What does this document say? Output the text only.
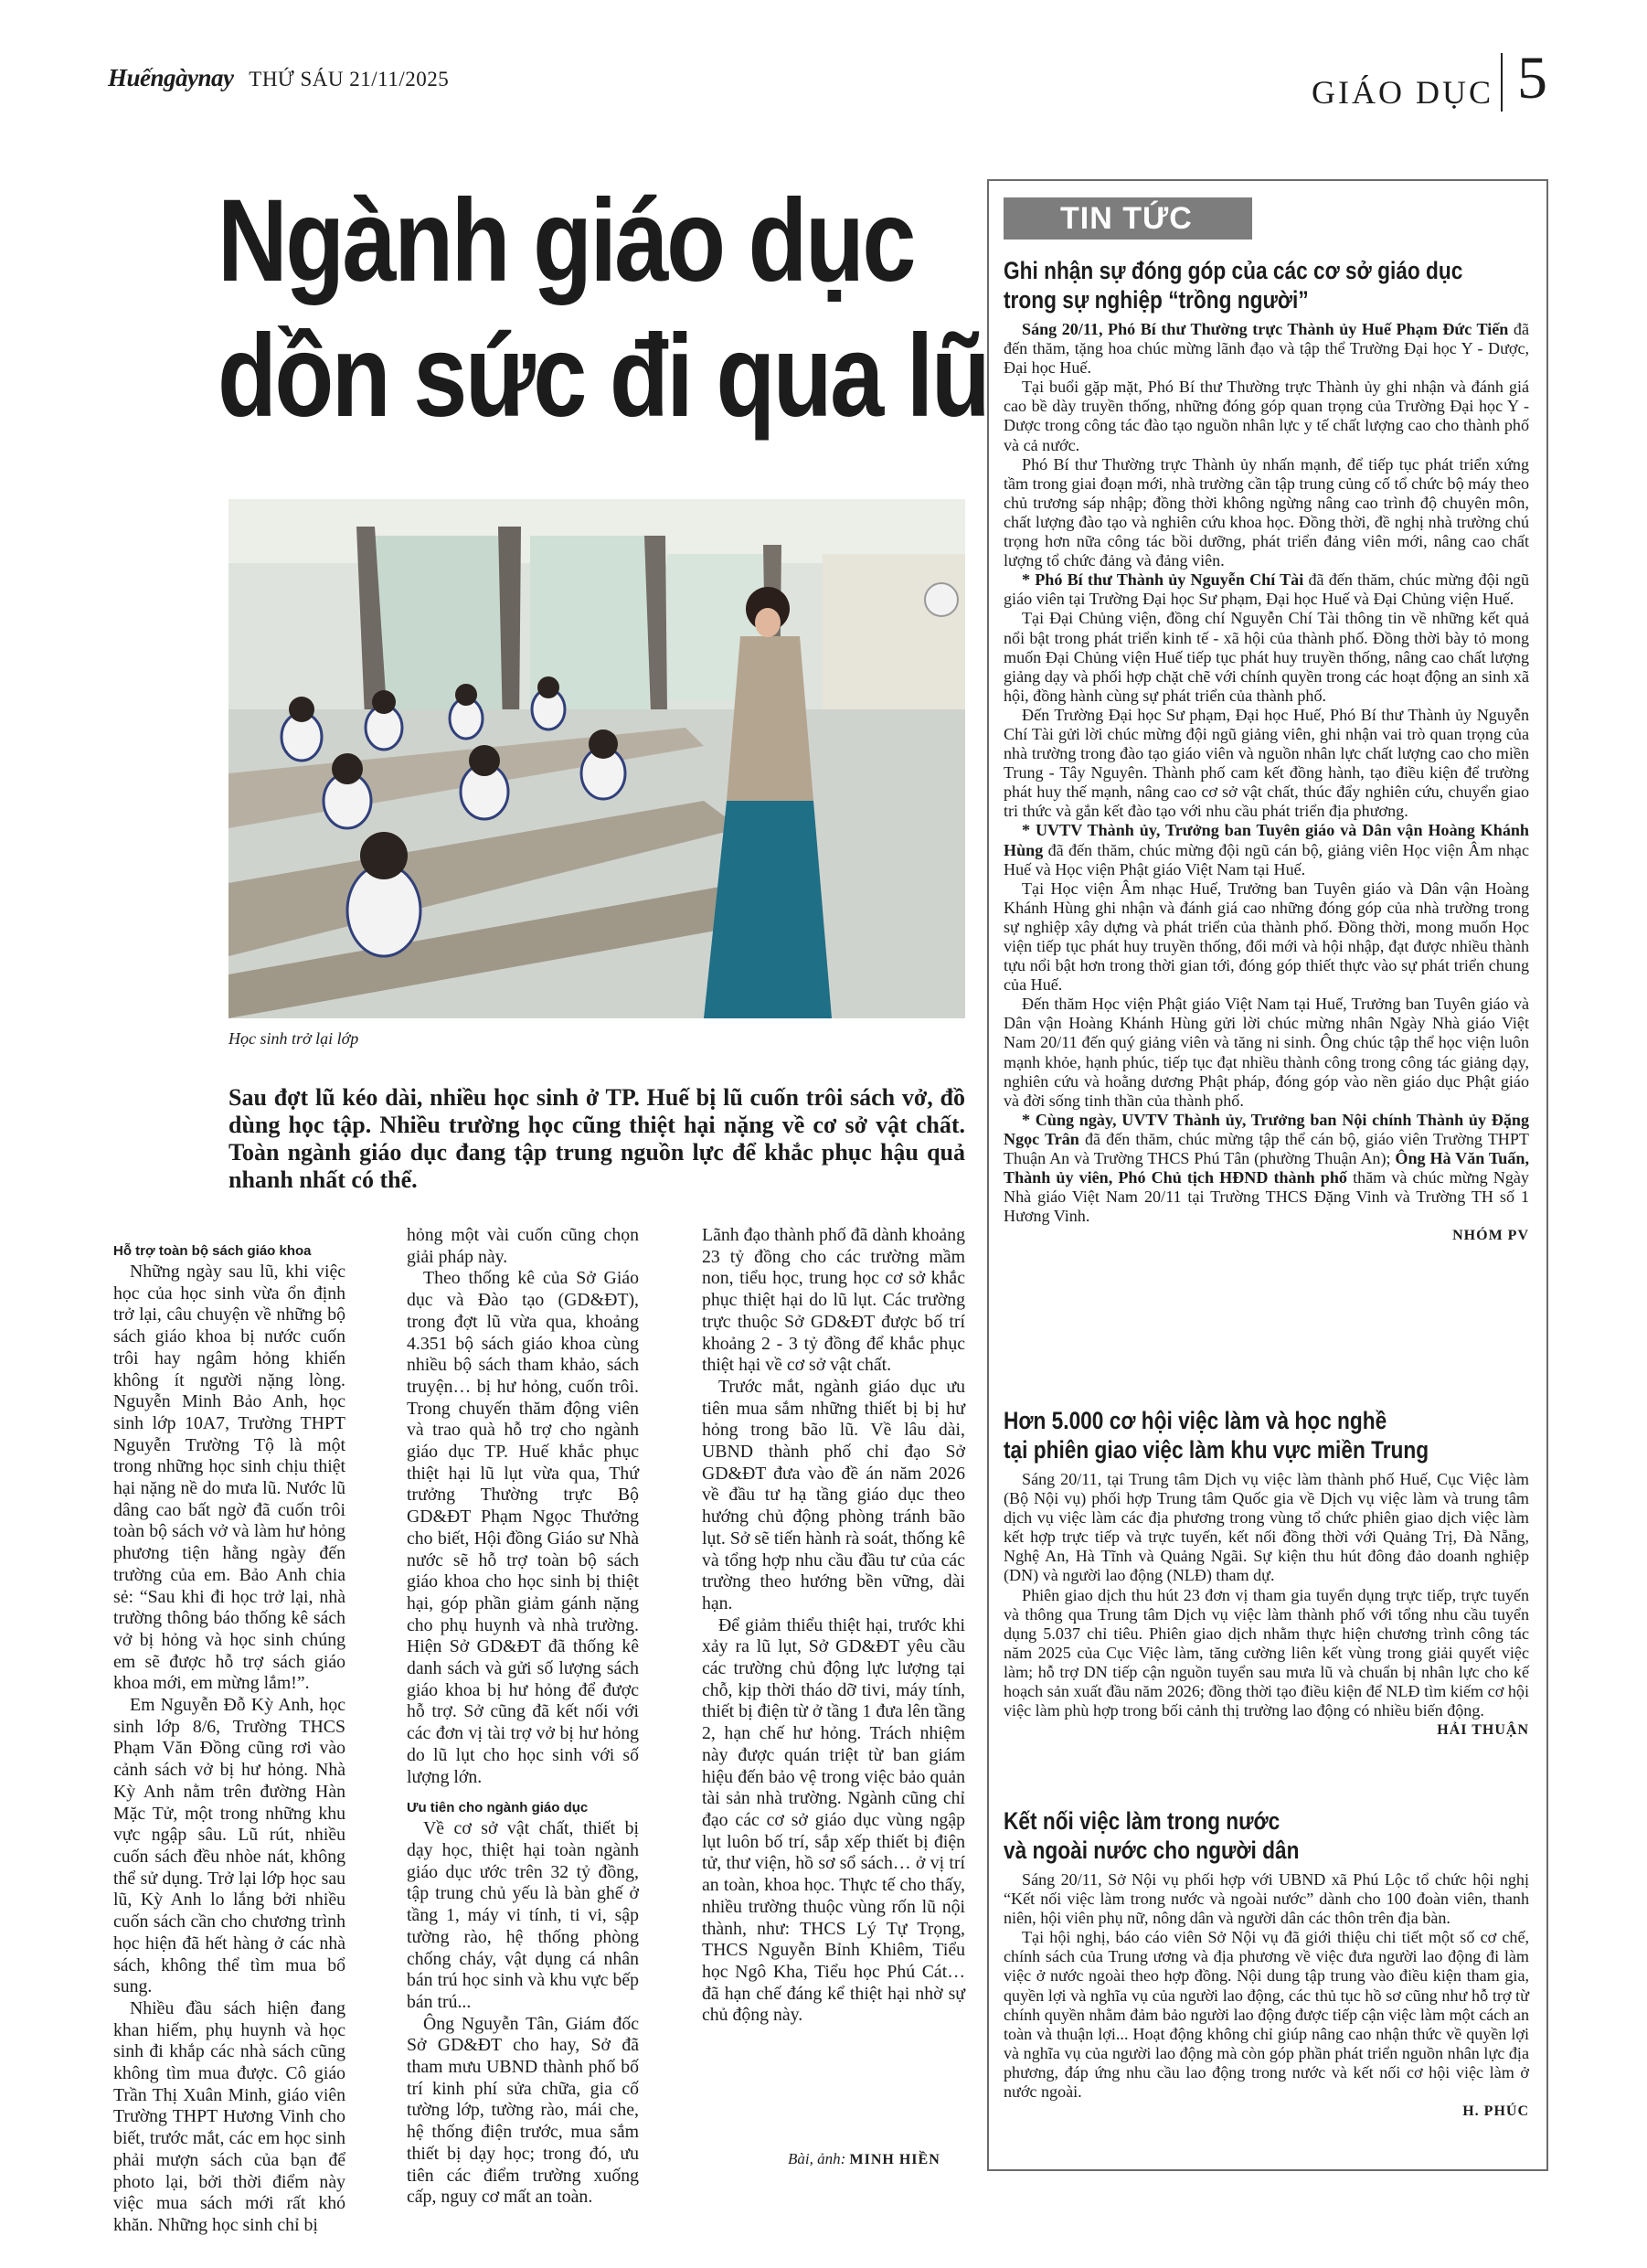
Huếngàynay THỨ SÁU 21/11/2025	GIÁO DỤC 5
Ngành giáo dục
dồn sức đi qua lũ
Học sinh trở lại lớp

Sau đợt lũ kéo dài, nhiều học sinh ở TP. Huế bị lũ cuốn trôi sách vở, đồ dùng học tập. Nhiều trường học cũng thiệt hại nặng về cơ sở vật chất. Toàn ngành giáo dục đang tập trung nguồn lực để khắc phục hậu quả nhanh nhất có thể.

Hỗ trợ toàn bộ sách giáo khoa

Những ngày sau lũ, khi việc học của học sinh vừa ổn định trở lại, câu chuyện về những bộ sách giáo khoa bị nước cuốn trôi hay ngâm hỏng khiến không ít người nặng lòng. Nguyễn Minh Bảo Anh, học sinh lớp 10A7, Trường THPT Nguyễn Trường Tộ là một trong những học sinh chịu thiệt hại nặng nề do mưa lũ. Nước lũ dâng cao bất ngờ đã cuốn trôi toàn bộ sách vở và làm hư hỏng phương tiện hằng ngày đến trường của em. Bảo Anh chia sẻ: “Sau khi đi học trở lại, nhà trường thông báo thống kê sách vở bị hỏng và học sinh chúng em sẽ được hỗ trợ sách giáo khoa mới, em mừng lắm!”.

Em Nguyễn Đỗ Kỳ Anh, học sinh lớp 8/6, Trường THCS Phạm Văn Đồng cũng rơi vào cảnh sách vở bị hư hỏng. Nhà Kỳ Anh nằm trên đường Hàn Mặc Tử, một trong những khu vực ngập sâu. Lũ rút, nhiều cuốn sách đều nhòe nát, không thể sử dụng. Trở lại lớp học sau lũ, Kỳ Anh lo lắng bởi nhiều cuốn sách cần cho chương trình học hiện đã hết hàng ở các nhà sách, không thể tìm mua bổ sung.

Nhiều đầu sách hiện đang khan hiếm, phụ huynh và học sinh đi khắp các nhà sách cũng không tìm mua được. Cô giáo Trần Thị Xuân Minh, giáo viên Trường THPT Hương Vinh cho biết, trước mắt, các em học sinh phải mượn sách của bạn để photo lại, bởi thời điểm này việc mua sách mới rất khó khăn. Những học sinh chỉ bị

hỏng một vài cuốn cũng chọn giải pháp này.

Theo thống kê của Sở Giáo dục và Đào tạo (GD&ĐT), trong đợt lũ vừa qua, khoảng 4.351 bộ sách giáo khoa cùng nhiều bộ sách tham khảo, sách truyện… bị hư hỏng, cuốn trôi. Trong chuyến thăm động viên và trao quà hỗ trợ cho ngành giáo dục TP. Huế khắc phục thiệt hại lũ lụt vừa qua, Thứ trưởng Thường trực Bộ GD&ĐT Phạm Ngọc Thưởng cho biết, Hội đồng Giáo sư Nhà nước sẽ hỗ trợ toàn bộ sách giáo khoa cho học sinh bị thiệt hại, góp phần giảm gánh nặng cho phụ huynh và nhà trường. Hiện Sở GD&ĐT đã thống kê danh sách và gửi số lượng sách giáo khoa bị hư hỏng để được hỗ trợ. Sở cũng đã kết nối với các đơn vị tài trợ vở bị hư hỏng do lũ lụt cho học sinh với số lượng lớn.

Ưu tiên cho ngành giáo dục

Về cơ sở vật chất, thiết bị dạy học, thiệt hại toàn ngành giáo dục ước trên 32 tỷ đồng, tập trung chủ yếu là bàn ghế ở tầng 1, máy vi tính, ti vi, sập tường rào, hệ thống phòng chống cháy, vật dụng cá nhân bán trú học sinh và khu vực bếp bán trú...

Ông Nguyễn Tân, Giám đốc Sở GD&ĐT cho hay, Sở đã tham mưu UBND thành phố bố trí kinh phí sửa chữa, gia cố tường lớp, tường rào, mái che, hệ thống điện trước, mua sắm thiết bị dạy học; trong đó, ưu tiên các điểm trường xuống cấp, nguy cơ mất an toàn.

Lãnh đạo thành phố đã dành khoảng 23 tỷ đồng cho các trường mầm non, tiểu học, trung học cơ sở khắc phục thiệt hại do lũ lụt. Các trường trực thuộc Sở GD&ĐT được bố trí khoảng 2 - 3 tỷ đồng để khắc phục thiệt hại về cơ sở vật chất.

Trước mắt, ngành giáo dục ưu tiên mua sắm những thiết bị bị hư hỏng trong bão lũ. Về lâu dài, UBND thành phố chỉ đạo Sở GD&ĐT đưa vào đề án năm 2026 về đầu tư hạ tầng giáo dục theo hướng chủ động phòng tránh bão lụt. Sở sẽ tiến hành rà soát, thống kê và tổng hợp nhu cầu đầu tư của các trường theo hướng bền vững, dài hạn.

Để giảm thiểu thiệt hại, trước khi xảy ra lũ lụt, Sở GD&ĐT yêu cầu các trường chủ động lực lượng tại chỗ, kịp thời tháo dỡ tivi, máy tính, thiết bị điện từ ở tầng 1 đưa lên tầng 2, hạn chế hư hỏng. Trách nhiệm này được quán triệt từ ban giám hiệu đến bảo vệ trong việc bảo quản tài sản nhà trường. Ngành cũng chỉ đạo các cơ sở giáo dục vùng ngập lụt luôn bố trí, sắp xếp thiết bị điện tử, thư viện, hồ sơ sổ sách… ở vị trí an toàn, khoa học. Thực tế cho thấy, nhiều trường thuộc vùng rốn lũ nội thành, như: THCS Lý Tự Trọng, THCS Nguyễn Bỉnh Khiêm, Tiểu học Ngô Kha, Tiểu học Phú Cát… đã hạn chế đáng kể thiệt hại nhờ sự chủ động này.

Bài, ảnh: MINH HIỀN
TIN TỨC
Ghi nhận sự đóng góp của các cơ sở giáo dục
trong sự nghiệp “trồng người”

Sáng 20/11, Phó Bí thư Thường trực Thành ủy Huế Phạm Đức Tiến đã đến thăm, tặng hoa chúc mừng lãnh đạo và tập thể Trường Đại học Y - Dược, Đại học Huế.

Tại buổi gặp mặt, Phó Bí thư Thường trực Thành ủy ghi nhận và đánh giá cao bề dày truyền thống, những đóng góp quan trọng của Trường Đại học Y - Dược trong công tác đào tạo nguồn nhân lực y tế chất lượng cao cho thành phố và cả nước.

Phó Bí thư Thường trực Thành ủy nhấn mạnh, để tiếp tục phát triển xứng tầm trong giai đoạn mới, nhà trường cần tập trung củng cố tổ chức bộ máy theo chủ trương sáp nhập; đồng thời không ngừng nâng cao trình độ chuyên môn, chất lượng đào tạo và nghiên cứu khoa học. Đồng thời, đề nghị nhà trường chú trọng hơn nữa công tác bồi dưỡng, phát triển đảng viên mới, nâng cao chất lượng tổ chức đảng và đảng viên.

* Phó Bí thư Thành ủy Nguyễn Chí Tài đã đến thăm, chúc mừng đội ngũ giáo viên tại Trường Đại học Sư phạm, Đại học Huế và Đại Chủng viện Huế.

Tại Đại Chủng viện, đồng chí Nguyễn Chí Tài thông tin về những kết quả nổi bật trong phát triển kinh tế - xã hội của thành phố. Đồng thời bày tỏ mong muốn Đại Chủng viện Huế tiếp tục phát huy truyền thống, nâng cao chất lượng giảng dạy và phối hợp chặt chẽ với chính quyền trong các hoạt động an sinh xã hội, đồng hành cùng sự phát triển của thành phố.

Đến Trường Đại học Sư phạm, Đại học Huế, Phó Bí thư Thành ủy Nguyễn Chí Tài gửi lời chúc mừng đội ngũ giảng viên, ghi nhận vai trò quan trọng của nhà trường trong đào tạo giáo viên và nguồn nhân lực chất lượng cao cho miền Trung - Tây Nguyên. Thành phố cam kết đồng hành, tạo điều kiện để trường phát huy thế mạnh, nâng cao cơ sở vật chất, thúc đẩy nghiên cứu, chuyển giao tri thức và gắn kết đào tạo với nhu cầu phát triển địa phương.

* UVTV Thành ủy, Trưởng ban Tuyên giáo và Dân vận Hoàng Khánh Hùng đã đến thăm, chúc mừng đội ngũ cán bộ, giảng viên Học viện Âm nhạc Huế và Học viện Phật giáo Việt Nam tại Huế.

Tại Học viện Âm nhạc Huế, Trưởng ban Tuyên giáo và Dân vận Hoàng Khánh Hùng ghi nhận và đánh giá cao những đóng góp của nhà trường trong sự nghiệp xây dựng và phát triển của thành phố. Đồng thời, mong muốn Học viện tiếp tục phát huy truyền thống, đổi mới và hội nhập, đạt được nhiều thành tựu nổi bật hơn trong thời gian tới, đóng góp thiết thực vào sự phát triển chung của Huế.

Đến thăm Học viện Phật giáo Việt Nam tại Huế, Trưởng ban Tuyên giáo và Dân vận Hoàng Khánh Hùng gửi lời chúc mừng nhân Ngày Nhà giáo Việt Nam 20/11 đến quý giảng viên và tăng ni sinh. Ông chúc tập thể học viện luôn mạnh khỏe, hạnh phúc, tiếp tục đạt nhiều thành công trong công tác giảng dạy, nghiên cứu và hoằng dương Phật pháp, đóng góp vào nền giáo dục Phật giáo và đời sống tinh thần của thành phố.

* Cùng ngày, UVTV Thành ủy, Trưởng ban Nội chính Thành ủy Đặng Ngọc Trân đã đến thăm, chúc mừng tập thể cán bộ, giáo viên Trường THPT Thuận An và Trường THCS Phú Tân (phường Thuận An); Ông Hà Văn Tuấn, Thành ủy viên, Phó Chủ tịch HĐND thành phố thăm và chúc mừng Ngày Nhà giáo Việt Nam 20/11 tại Trường THCS Đặng Vinh và Trường TH số 1 Hương Vinh.

NHÓM PV
Hơn 5.000 cơ hội việc làm và học nghề
tại phiên giao việc làm khu vực miền Trung

Sáng 20/11, tại Trung tâm Dịch vụ việc làm thành phố Huế, Cục Việc làm (Bộ Nội vụ) phối hợp Trung tâm Quốc gia về Dịch vụ việc làm và trung tâm dịch vụ việc làm các địa phương trong vùng tổ chức phiên giao dịch việc làm kết hợp trực tiếp và trực tuyến, kết nối đồng thời với Quảng Trị, Đà Nẵng, Nghệ An, Hà Tĩnh và Quảng Ngãi. Sự kiện thu hút đông đảo doanh nghiệp (DN) và người lao động (NLĐ) tham dự.

Phiên giao dịch thu hút 23 đơn vị tham gia tuyển dụng trực tiếp, trực tuyến và thông qua Trung tâm Dịch vụ việc làm thành phố với tổng nhu cầu tuyển dụng 5.037 chỉ tiêu. Phiên giao dịch nhằm thực hiện chương trình công tác năm 2025 của Cục Việc làm, tăng cường liên kết vùng trong giải quyết việc làm; hỗ trợ DN tiếp cận nguồn tuyển sau mưa lũ và chuẩn bị nhân lực cho kế hoạch sản xuất đầu năm 2026; đồng thời tạo điều kiện để NLĐ tìm kiếm cơ hội việc làm phù hợp trong bối cảnh thị trường lao động có nhiều biến động.

HẢI THUẬN
Kết nối việc làm trong nước
và ngoài nước cho người dân

Sáng 20/11, Sở Nội vụ phối hợp với UBND xã Phú Lộc tổ chức hội nghị “Kết nối việc làm trong nước và ngoài nước” dành cho 100 đoàn viên, thanh niên, hội viên phụ nữ, nông dân và người dân các thôn trên địa bàn.

Tại hội nghị, báo cáo viên Sở Nội vụ đã giới thiệu chi tiết một số cơ chế, chính sách của Trung ương và địa phương về việc đưa người lao động đi làm việc ở nước ngoài theo hợp đồng. Nội dung tập trung vào điều kiện tham gia, quyền lợi và nghĩa vụ của người lao động, các thủ tục hồ sơ cũng như hỗ trợ từ chính quyền nhằm đảm bảo người lao động được tiếp cận việc làm một cách an toàn và thuận lợi... Hoạt động không chỉ giúp nâng cao nhận thức về quyền lợi và nghĩa vụ của người lao động mà còn góp phần phát triển nguồn nhân lực địa phương, đáp ứng nhu cầu lao động trong nước và kết nối cơ hội việc làm ở nước ngoài.

H. PHÚC
